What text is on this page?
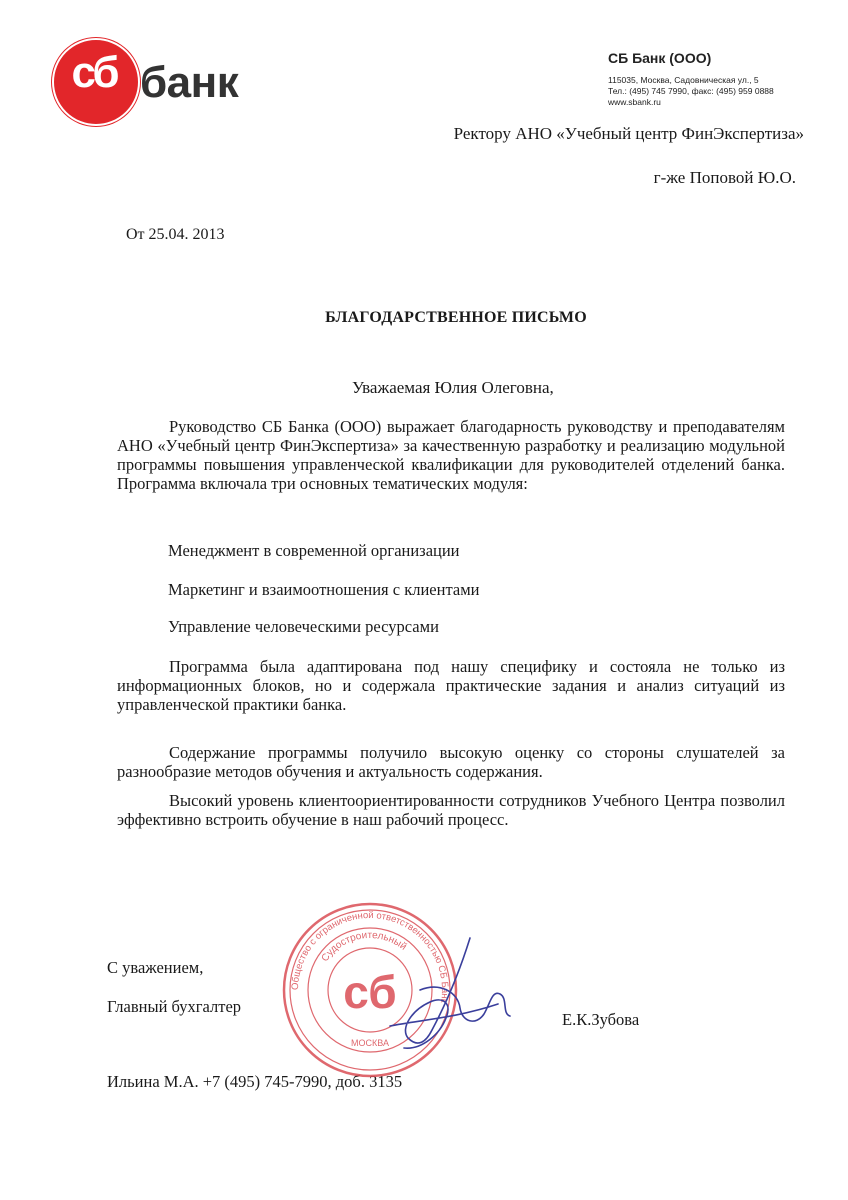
сб банк	СБ Банк (ООО)
115035, Москва, Садовническая ул., 5
Тел.: (495) 745 7990, факс: (495) 959 0888
www.sbank.ru
Ректору АНО «Учебный центр ФинЭкспертиза»
г-же Поповой Ю.О.
От 25.04. 2013
БЛАГОДАРСТВЕННОЕ ПИСЬМО
Уважаемая Юлия Олеговна,
Руководство СБ Банка (ООО) выражает благодарность руководству и преподавателям АНО «Учебный центр ФинЭкспертиза» за качественную разработку и реализацию модульной программы повышения управленческой квалификации для руководителей отделений банка. Программа включала три основных тематических модуля:
Менеджмент в современной организации
Маркетинг и взаимоотношения с клиентами
Управление человеческими ресурсами
Программа была адаптирована под нашу специфику и состояла не только из информационных блоков, но и содержала практические задания и анализ ситуаций из управленческой практики банка.
Содержание программы получило высокую оценку со стороны слушателей за разнообразие методов обучения и актуальность содержания.
Высокий уровень клиентоориентированности сотрудников Учебного Центра позволил эффективно встроить обучение в наш рабочий процесс.
С уважением,
Главный бухгалтер
Е.К.Зубова
Ильина М.А. +7 (495) 745-7990, доб. 3135
Общество с ограниченной ответственностью СБ Банк
Судостроительный
сб
МОСКВА
